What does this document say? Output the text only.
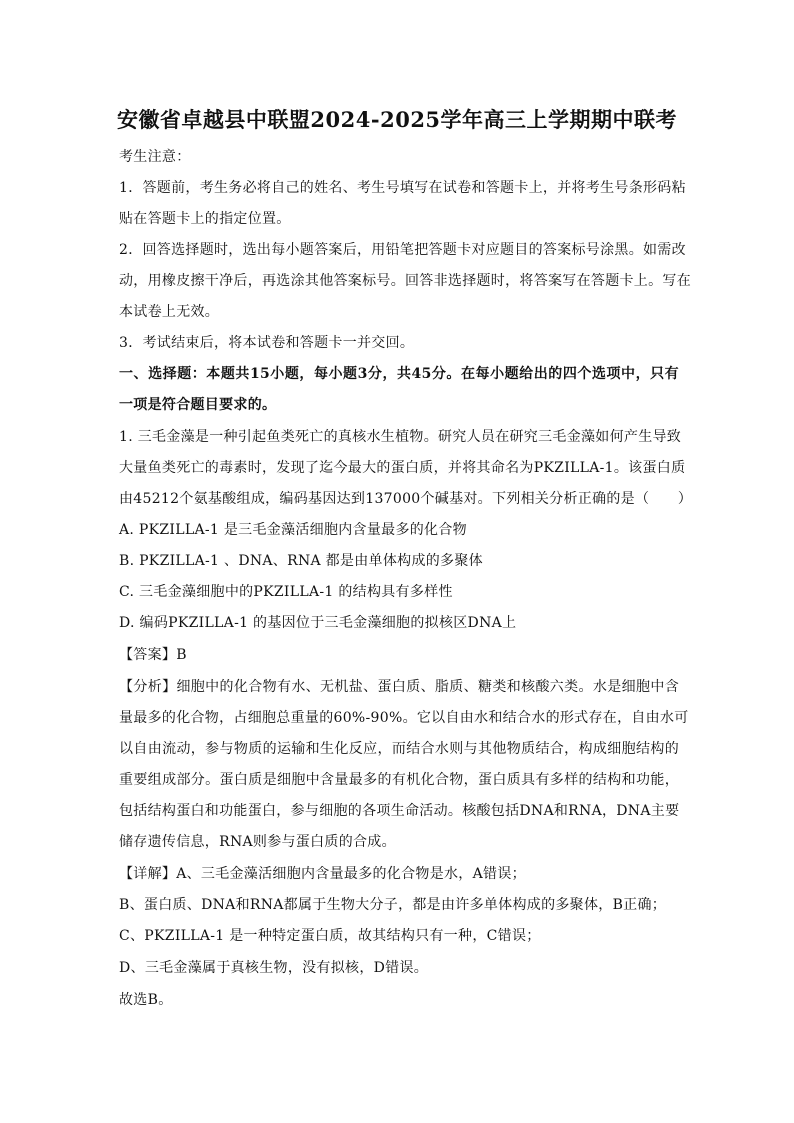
安徽省卓越县中联盟2024-2025学年高三上学期期中联考
考生注意：
1．答题前，考生务必将自己的姓名、考生号填写在试卷和答题卡上，并将考生号条形码粘
贴在答题卡上的指定位置。
2．回答选择题时，选出每小题答案后，用铅笔把答题卡对应题目的答案标号涂黑。如需改
动，用橡皮擦干净后，再选涂其他答案标号。回答非选择题时，将答案写在答题卡上。写在
本试卷上无效。
3．考试结束后，将本试卷和答题卡一并交回。
一、选择题：本题共15小题，每小题3分，共45分。在每小题给出的四个选项中，只有
一项是符合题目要求的。
1. 三毛金藻是一种引起鱼类死亡的真核水生植物。研究人员在研究三毛金藻如何产生导致
大量鱼类死亡的毒素时，发现了迄今最大的蛋白质，并将其命名为PKZILLA-1。该蛋白质
由45212个氨基酸组成，编码基因达到137000个碱基对。下列相关分析正确的是（　　）
A. PKZILLA-1 是三毛金藻活细胞内含量最多的化合物
B. PKZILLA-1 、DNA、RNA 都是由单体构成的多聚体
C. 三毛金藻细胞中的PKZILLA-1 的结构具有多样性
D. 编码PKZILLA-1 的基因位于三毛金藻细胞的拟核区DNA上
【答案】B
【分析】细胞中的化合物有水、无机盐、蛋白质、脂质、糖类和核酸六类。水是细胞中含
量最多的化合物，占细胞总重量的60%-90%。它以自由水和结合水的形式存在，自由水可
以自由流动，参与物质的运输和生化反应，而结合水则与其他物质结合，构成细胞结构的
重要组成部分。蛋白质是细胞中含量最多的有机化合物，蛋白质具有多样的结构和功能，
包括结构蛋白和功能蛋白，参与细胞的各项生命活动。核酸包括DNA和RNA，DNA主要
储存遗传信息，RNA则参与蛋白质的合成。
【详解】A、三毛金藻活细胞内含量最多的化合物是水，A错误；
B、蛋白质、DNA和RNA都属于生物大分子，都是由许多单体构成的多聚体，B正确；
C、PKZILLA-1 是一种特定蛋白质，故其结构只有一种，C错误；
D、三毛金藻属于真核生物，没有拟核，D错误。
故选B。
